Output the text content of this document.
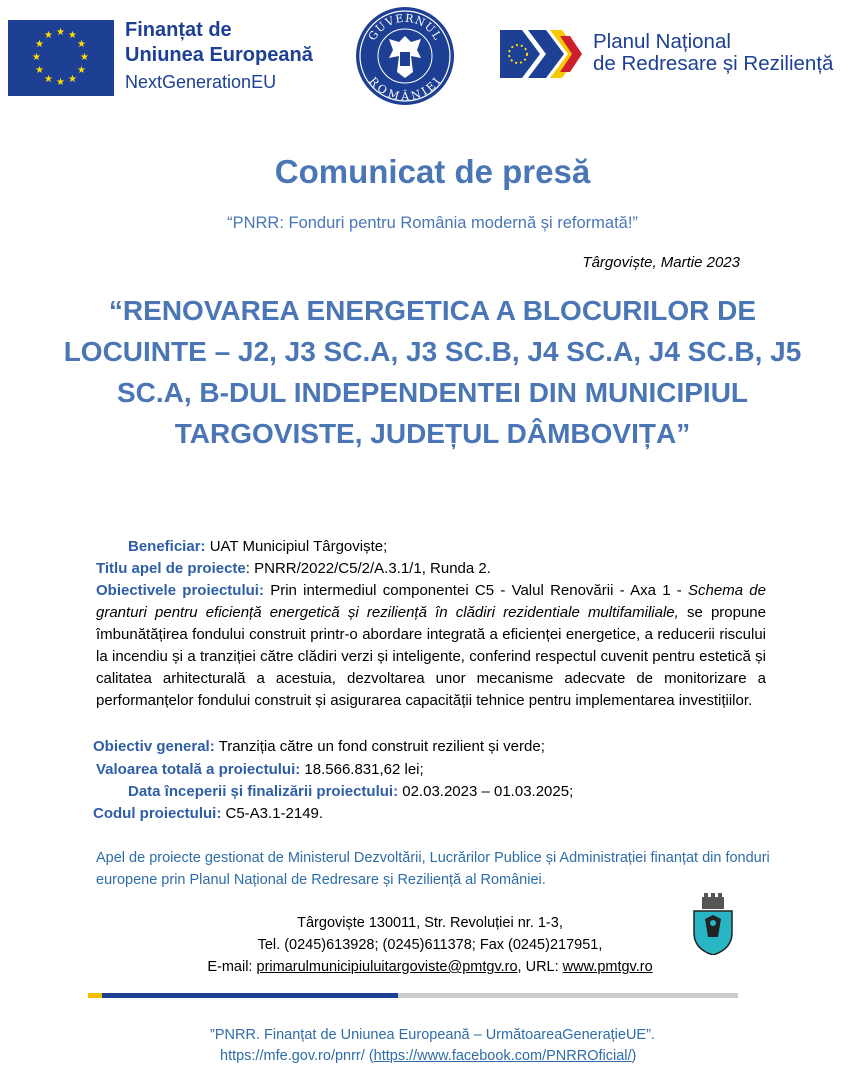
★ ★
★
★
★
★
★
★
★
★
★
★	Finanțat de
Uniunea Europeană
NextGenerationEU
GUVERNUL
ROMÂNIEI
Planul Național
de Redresare și Reziliență
Comunicat de presă
“PNRR: Fonduri pentru România modernă și reformată!”
Târgoviște, Martie 2023
“RENOVAREA ENERGETICA A BLOCURILOR DE LOCUINTE – J2, J3 SC.A, J3 SC.B, J4 SC.A, J4 SC.B, J5 SC.A, B-DUL INDEPENDENTEI DIN MUNICIPIUL TARGOVISTE, JUDEȚUL DÂMBOVIȚA”
Beneficiar: UAT Municipiul Târgoviște;
Titlu apel de proiecte: PNRR/2022/C5/2/A.3.1/1, Runda 2.
Obiectivele proiectului: Prin intermediul componentei C5 - Valul Renovării - Axa 1 - Schema de granturi pentru eficiență energetică și reziliență în clădiri rezidentiale multifamiliale, se propune îmbunătățirea fondului construit printr-o abordare integrată a eficienței energetice, a reducerii riscului la incendiu și a tranziției către clădiri verzi și inteligente, conferind respectul cuvenit pentru estetică și calitatea arhitecturală a acestuia, dezvoltarea unor mecanisme adecvate de monitorizare a performanțelor fondului construit și asigurarea capacității tehnice pentru implementarea investițiilor.
Obiectiv general: Tranziția către un fond construit rezilient și verde;
Valoarea totală a proiectului: 18.566.831,62 lei;
Data începerii și finalizării proiectului: 02.03.2023 – 01.03.2025;
Codul proiectului: C5-A3.1-2149.
Apel de proiecte gestionat de Ministerul Dezvoltării, Lucrărilor Publice și Administrației finanțat din fonduri europene prin Planul Național de Redresare și Reziliență al României.
Târgoviște 130011, Str. Revoluției nr. 1-3,
Tel. (0245)613928; (0245)611378; Fax (0245)217951,
E-mail: primarulmunicipiuluitargoviste@pmtgv.ro, URL: www.pmtgv.ro
”PNRR. Finanțat de Uniunea Europeană – UrmătoareaGenerațieUE”.
https://mfe.gov.ro/pnrr/ (https://www.facebook.com/PNRROficial/)
